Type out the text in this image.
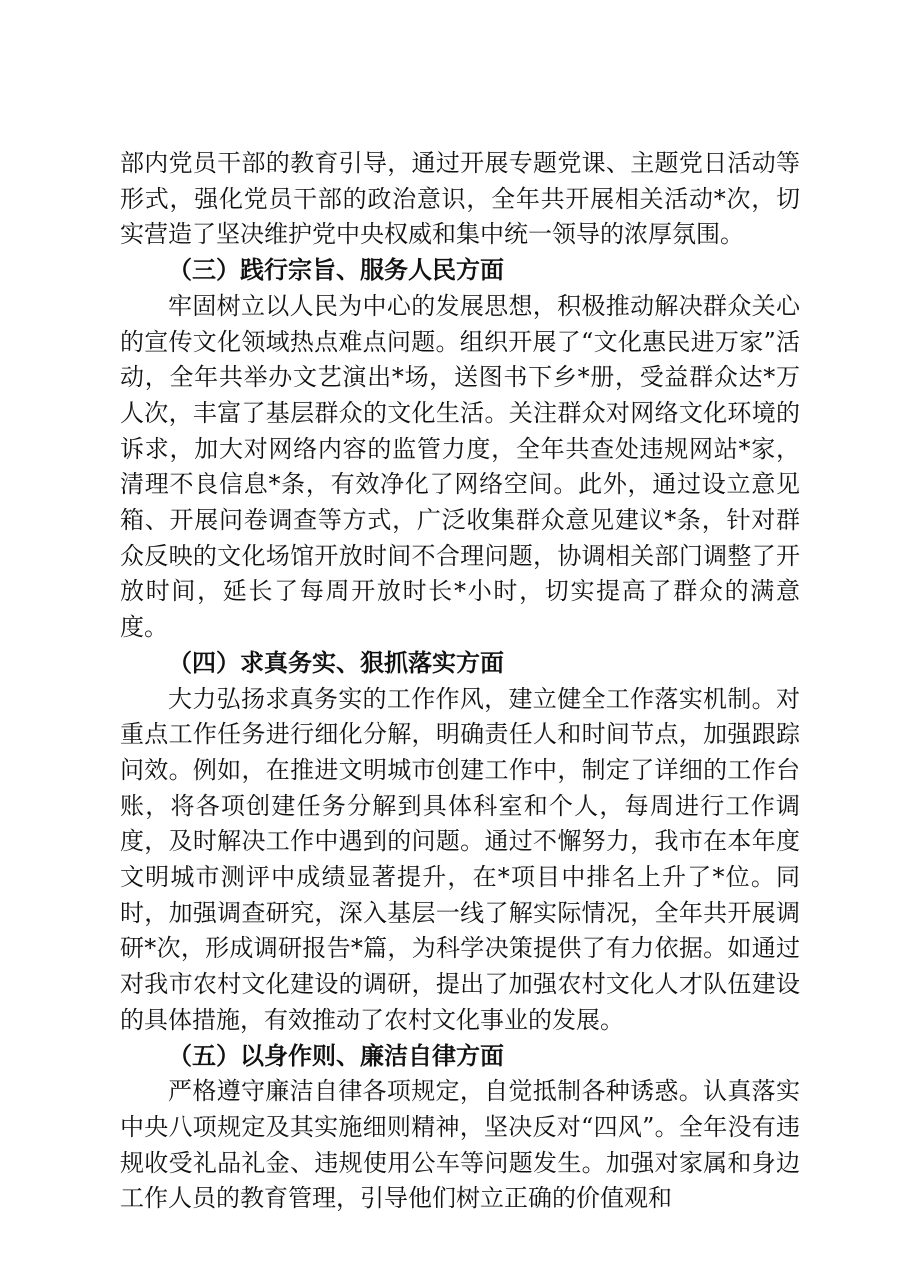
部内党员干部的教育引导，通过开展专题党课、主题党日活动等形式，强化党员干部的政治意识，全年共开展相关活动*次，切实营造了坚决维护党中央权威和集中统一领导的浓厚氛围。

（三）践行宗旨、服务人民方面

牢固树立以人民为中心的发展思想，积极推动解决群众关心的宣传文化领域热点难点问题。组织开展了“文化惠民进万家”活动，全年共举办文艺演出*场，送图书下乡*册，受益群众达*万人次，丰富了基层群众的文化生活。关注群众对网络文化环境的诉求，加大对网络内容的监管力度，全年共查处违规网站*家，清理不良信息*条，有效净化了网络空间。此外，通过设立意见箱、开展问卷调查等方式，广泛收集群众意见建议*条，针对群众反映的文化场馆开放时间不合理问题，协调相关部门调整了开放时间，延长了每周开放时长*小时，切实提高了群众的满意度。

（四）求真务实、狠抓落实方面

大力弘扬求真务实的工作作风，建立健全工作落实机制。对重点工作任务进行细化分解，明确责任人和时间节点，加强跟踪问效。例如，在推进文明城市创建工作中，制定了详细的工作台账，将各项创建任务分解到具体科室和个人，每周进行工作调度，及时解决工作中遇到的问题。通过不懈努力，我市在本年度文明城市测评中成绩显著提升，在*项目中排名上升了*位。同时，加强调查研究，深入基层一线了解实际情况，全年共开展调研*次，形成调研报告*篇，为科学决策提供了有力依据。如通过对我市农村文化建设的调研，提出了加强农村文化人才队伍建设的具体措施，有效推动了农村文化事业的发展。

（五）以身作则、廉洁自律方面

严格遵守廉洁自律各项规定，自觉抵制各种诱惑。认真落实中央八项规定及其实施细则精神，坚决反对“四风”。全年没有违规收受礼品礼金、违规使用公车等问题发生。加强对家属和身边工作人员的教育管理，引导他们树立正确的价值观和
